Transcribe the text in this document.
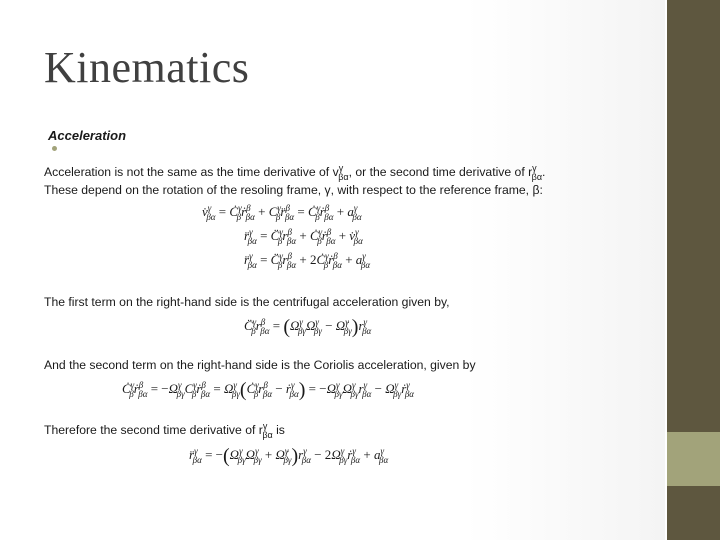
Kinematics
Acceleration
Acceleration is not the same as the time derivative of $v^\gamma$ βα, or the second time derivative of $r^\gamma$ βα.
These depend on the rotation of the resoling frame, γ, with respect to the reference frame, β:
v̇$^\gamma$ $\beta\alpha = Ċ^\gamma$ βṙ$^\beta$ $\beta\alpha + C^\gamma$ βr̈$^\beta$ $\beta\alpha = Ċ^\gamma$ βṙ$^\beta$ $\beta\alpha + a^\gamma$ βα
r̈$^\gamma$ βα = C̈$^\gamma$ $\beta r^\beta$ $\beta\alpha + Ċ^\gamma$ βṙ$^\beta$ βα + v̇$^\gamma$ βα
r̈$^\gamma$ βα = C̈$^\gamma$ $\beta r^\beta$ $\beta\alpha + 2Ċ^\gamma$ βṙ$^\beta$ $\beta\alpha + a^\gamma$ βα
The first term on the right-hand side is the centrifugal acceleration given by,
C̈$^\gamma$ $\beta r^\beta$ $\beta\alpha = (\Omega^\gamma$ βγΩ$^\gamma$ βγ − Ω̇$^\gamma$ $\beta\gamma)r^\gamma$ βα
And the second term on the right-hand side is the Coriolis acceleration, given by
$Ċ^\gamma$ βṙ$^\beta$ $\beta\alpha = -\Omega^\gamma$ βγC$^\gamma$ βṙ$^\beta$ $\beta\alpha = \Omega^\gamma$ $\beta\gamma(Ċ^\gamma$ $\beta r^\beta$ βα − ṙ$^\gamma$ $\beta\alpha) = -\Omega^\gamma$ βγΩ$^\gamma$ βγr$^\gamma$ $\beta\alpha - \Omega^\gamma$ βγṙ$^\gamma$ βα
Therefore the second time derivative of $r^\gamma$ βα is
r̈$^\gamma$ $\beta\alpha = -(\Omega^\gamma$ βγΩ$^\gamma$ βγ + Ω̇$^\gamma$ $\beta\gamma)r^\gamma$ $\beta\alpha - 2\Omega^\gamma$ βγṙ$^\gamma$ $\beta\alpha + a^\gamma$ βα
